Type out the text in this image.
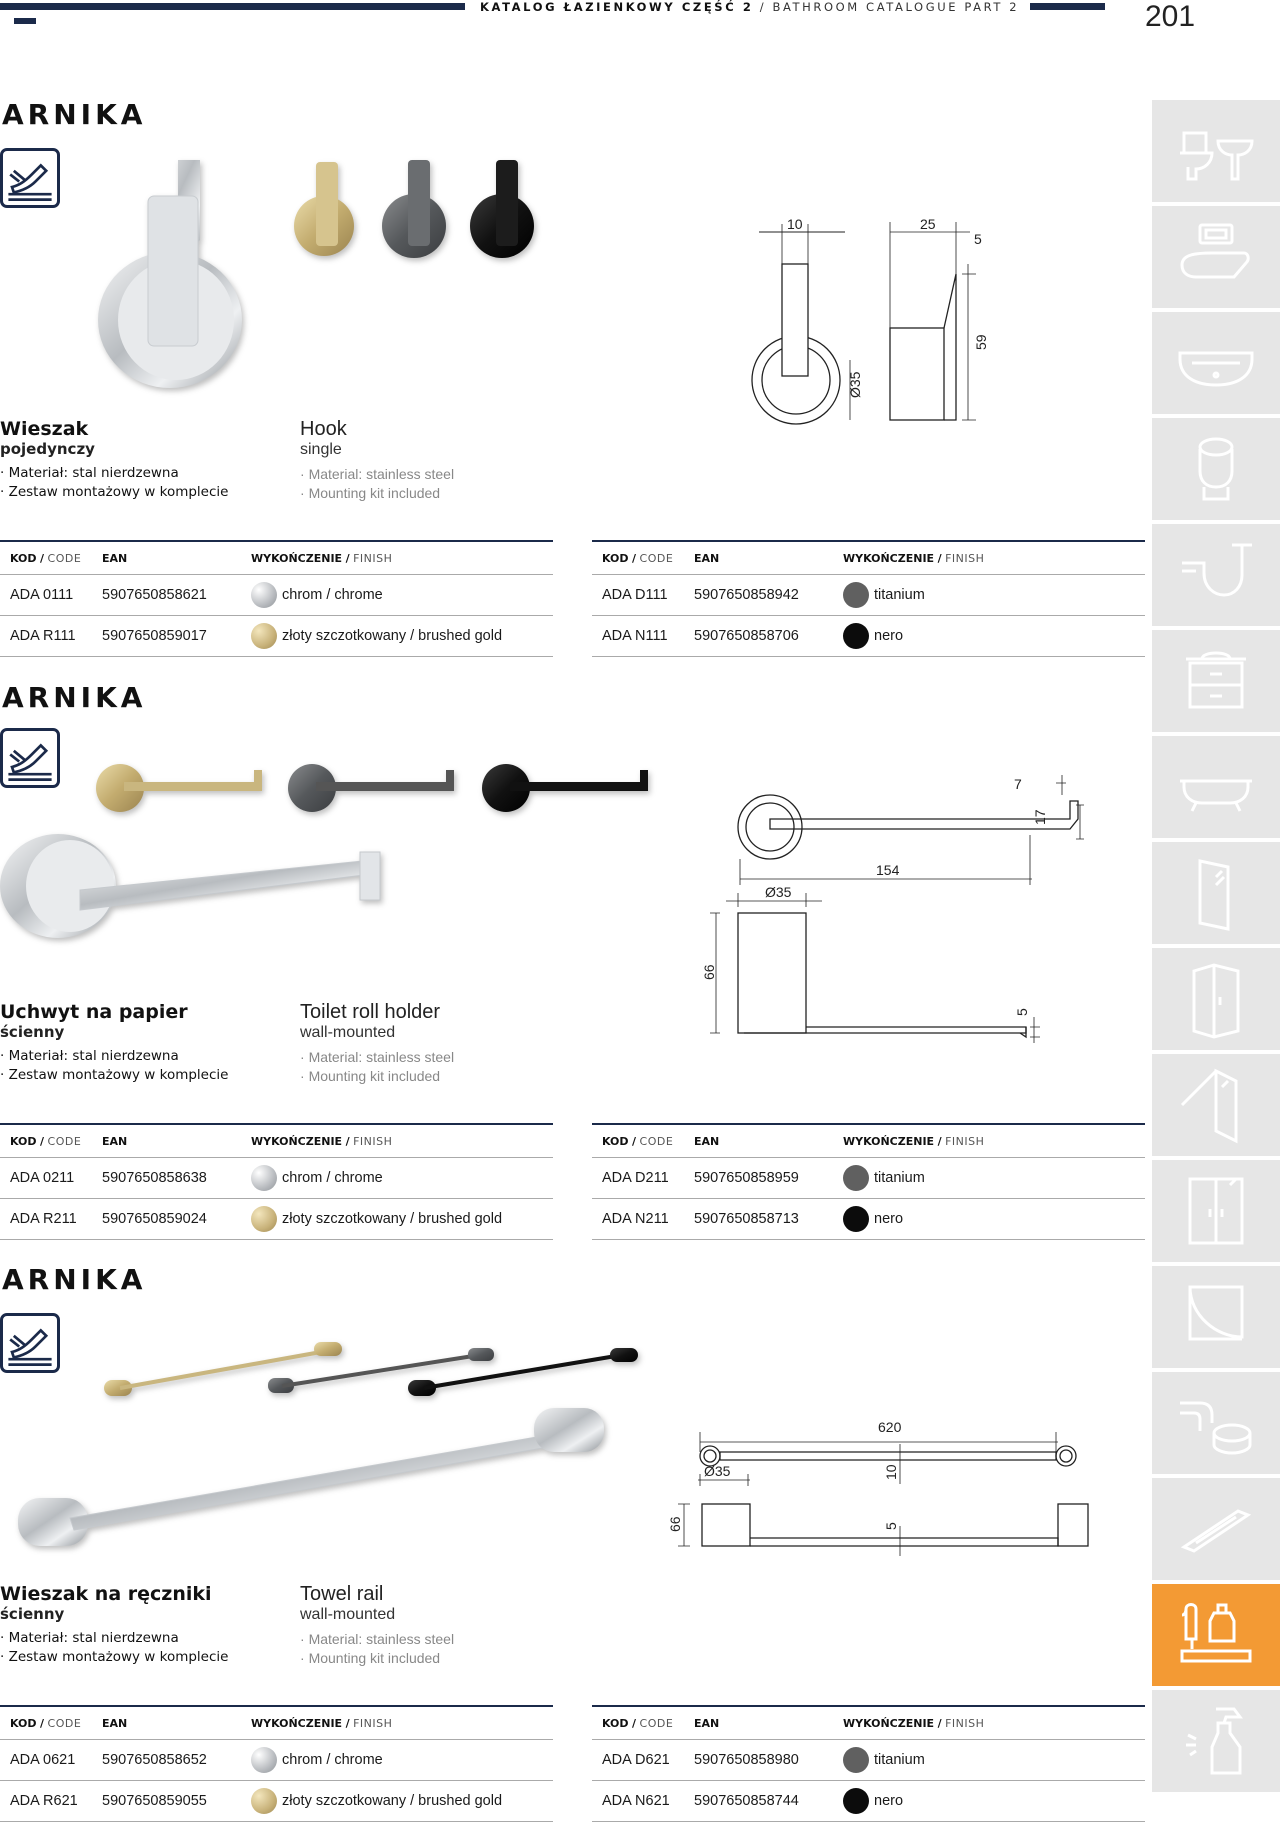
KATALOG ŁAZIENKOWY CZĘŚĆ 2 / BATHROOM CATALOGUE PART 2	201
ARNIKA
10	25
5
59
Ø35
Wieszak
pojedynczy
· Materiał: stal nierdzewna
· Zestaw montażowy w komplecie
Hook
single
· Material: stainless steel
· Mounting kit included
KOD / CODE	EAN	WYKOŃCZENIE
/
FINISH
ADA 0111	5907650858621	chrom / chrome
ADA R111	5907650859017	złoty szczotkowany / brushed gold
KOD / CODE	EAN	WYKOŃCZENIE
/
FINISH
ADA D111	5907650858942	titanium
ADA N111	5907650858706	nero
ARNIKA
7
17
154
Ø35
66
5
Uchwyt na papier
ścienny
· Materiał: stal nierdzewna
· Zestaw montażowy w komplecie
Toilet roll holder
wall-mounted
· Material: stainless steel
· Mounting kit included
KOD / CODE	EAN	WYKOŃCZENIE
/
FINISH
ADA 0211	5907650858638	chrom / chrome
ADA R211	5907650859024	złoty szczotkowany / brushed gold
KOD / CODE	EAN	WYKOŃCZENIE
/
FINISH
ADA D211	5907650858959	titanium
ADA N211	5907650858713	nero
ARNIKA
620
Ø35	10
66	5
Wieszak na ręczniki
ścienny
· Materiał: stal nierdzewna
· Zestaw montażowy w komplecie
Towel rail
wall-mounted
· Material: stainless steel
· Mounting kit included
KOD / CODE	EAN	WYKOŃCZENIE
/
FINISH
ADA 0621	5907650858652	chrom / chrome
ADA R621	5907650859055	złoty szczotkowany / brushed gold
KOD / CODE	EAN	WYKOŃCZENIE
/
FINISH
ADA D621	5907650858980	titanium
ADA N621	5907650858744	nero
